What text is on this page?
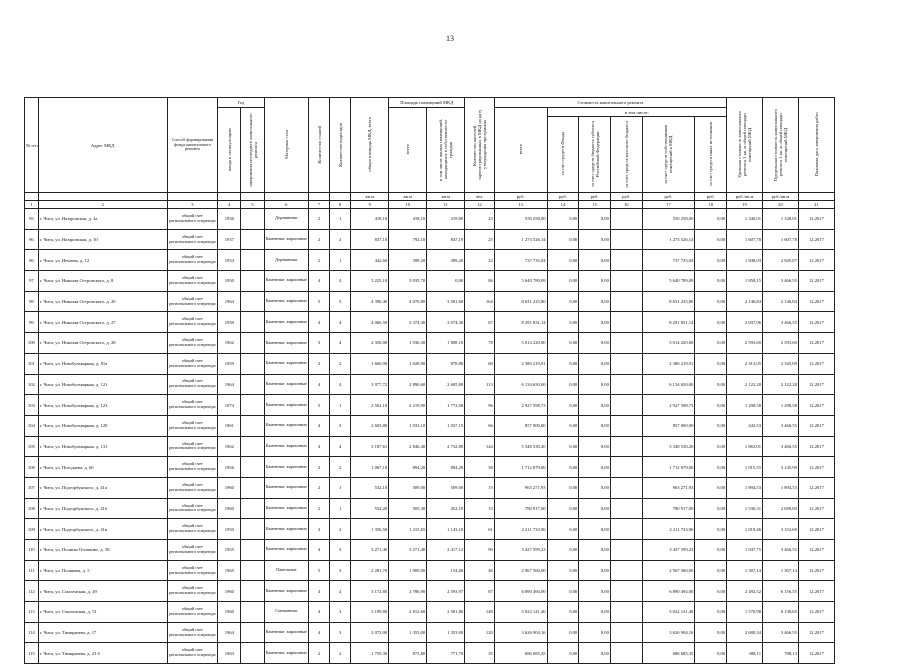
13
№ п/п	Адрес МКД	Способ формирования фонда капитального ремонта	Год		Материал стен	Количество этажей	Количество подъездов	общая площадь МКД, всего	Площадь помещений МКД		Количество жителей, зарегистрированных в МКД на дату утверждения программы	Стоимость капитального ремонта						Удельная стоимость капитального ремонта 1 кв. м общей площади помещений МКД	Предельная стоимость капитального ремонта 1 кв. м общей площади помещений МКД	Плановая дата завершения работ
			ввода в эксплуатацию	завершения последнего капитального ремонта					всего	в том числе жилых помещений, находящихся в собственности граждан		всего	в том числе:							
													за счет средств Фонда	за счет средств бюджета субъекта Российской Федерации	за счет средств местного бюджета	за счет средств собственников помещений в МКД	за счет средств иных источников			
								кв.м	кв.м	кв.м	чел.	руб.	руб.	руб.	руб.	руб.	руб.	руб./кв.м	руб./кв.м	
1	2	3	4	5	6	7	8	9	10	11	12	13	14	15	16	17	18	19	20	21
95	г. Чита, ул. Назаровская, д. 4а	общий счет регионального оператора	1936		Деревянные	2	1	418,10	418,10	219,80	23	550 258,00	0,00	0,00		550 258,00	0,00	1 340,01	1 340,01	12.2017
96	г. Чита, ул. Назаровская, д. 10	общий счет регионального оператора	1937		Каменные, кирпичные	2	2	837,10	792,10	847,10	25	1 273 526,14	0,00	0,00		1 273 526,14	0,00	1 607,78	1 607,78	12.2017
96	г. Чита, ул. Нечаева, д. 12	общий счет регионального оператора	1954		Деревянные	2	1	442,60	399,20	399,20	22	737 735,04	0,00	0,00		737 735,04	0,00	1 848,03	2 945,07	12.2017
97	г. Чита, ул. Николая Островского, д. 8	общий счет регионального оператора	1950		Каменные, кирпичные	4	4	5 225,10	3 035,70	0,00	86	5 640 789,09	0,00	0,00		5 640 789,09	0,00	1 858,15	3 466,55	12.2017
98	г. Чита, ул. Николая Островского, д. 20	общий счет регионального оператора	1964		Каменные, кирпичные	5	5	4 396,40	4 070,80	3 501,60	164	8 631 225,80	0,00	0,00		8 631 225,80	0,00	2 146,84	2 146,84	12.2017
99	г. Чита, ул. Николая Островского, д. 27	общий счет регионального оператора	1959		Каменные, кирпичные	4	4	4 066,50	3 374,30	3 074,30	67	8 291 831,14	0,00	0,00		8 291 831,14	0,00	2 037,96	3 466,55	12.2017
100	г. Чита, ул. Николая Островского, д. 28	общий счет регионального оператора	1962		Каменные, кирпичные	3	4	2 356,00	1 936,30	1 808,10	78	5 014 220,00	0,00	0,00		5 014 220,00	0,00	2 593,60	2 593,60	12.2017
101	г. Чита, ул. Новобульварная, д. 81а	общий счет регионального оператора	1959		Каменные, кирпичные	2	2	1 660,00	1 028,90	878,80	60	2 380 219,91	0,00	0,00		2 380 219,91	0,00	2 313,05	2 345,09	12.2017
102	г. Чита, ул. Новобульварная, д. 121	общий счет регионального оператора	1964		Каменные, кирпичные	4	4	3 977,72	2 890,60	2 605,80	113	6 134 650,00	0,00	0,00		6 134 650,00	0,00	2 122,28	2 122,28	12.2017
103	г. Чита, ул. Новобульварная, д. 123	общий счет регионального оператора	1974		Каменные, кирпичные	5	1	2 502,10	2 219,90	1 772,90	96	2 927 598,73	0,00	0,00		2 927 598,73	0,00	1 298,58	1 298,58	12.2017
104	г. Чита, ул. Новобульварная, д. 129	общий счет регионального оператора	1961		Каменные, кирпичные	4	3	2 603,80	1 033,10	1 037,15	66	857 000,00	0,00	0,00		857 000,00	0,00	443,53	3 466,55	12.2017
105	г. Чита, ул. Новобульварная, д. 131	общий счет регионального оператора	1962		Каменные, кирпичные	4	4	3 187,61	2 846,40	2 732,80	144	5 348 530,20	0,00	0,00		5 348 530,20	0,00	1 863,01	3 466,55	12.2017
106	г. Чита, ул. Погодаева, д. 60	общий счет регионального оператора	1956		Каменные, кирпичные	2	2	1 067,10	894,20	894,20	38	1 712 879,00	0,00	0,00		1 712 879,00	0,00	1 915,55	3 145,99	12.2017
107	г. Чита, ул. Подгорбунского, д. 41а	общий счет регионального оператора	1960		Каменные, кирпичные	2	1	532,10	509,00	509,00	15	963 271,93	0,00	0,00		963 271,93	0,00	1 894,53	1 894,53	12.2017
108	г. Чита, ул. Подгорбунского, д. 41б	общий счет регионального оператора	1960		Каменные, кирпичные	2	1	532,20	505,30	452,10	15	780 917,00	0,00	0,00		780 917,00	0,00	1 530,31	2 690,00	12.2017
109	г. Чита, ул. Подгорбунского, д. 41в	общий счет регионального оператора	1950		Каменные, кирпичные	3	2	1 356,50	1 215,65	1 143,10	61	2 211 733,96	0,00	0,00		2 211 733,96	0,00	1 819,46	3 152,60	12.2017
110	г. Чита, ул. Полины Осипенко, д. 38	общий счет регионального оператора	1955		Каменные, кирпичные	4	3	3 271,40	3 271,40	2 417,12	90	3 427 599,23	0,00	0,00		3 427 599,23	0,00	1 047,75	3 466,55	12.2017
111	г. Чита, ул. Полякова, д. 5	общий счет регионального оператора	1965		Панельные	5	3	2 281,70	1 909,00	154,60	46	2 967 560,00	0,00	0,00		2 967 560,00	0,00	1 307,14	1 307,14	12.2017
112	г. Чита, ул. Смоленская, д. 49	общий счет регионального оператора	1960		Каменные, кирпичные	4	4	3 172,80	2 786,90	2 593,97	87	6 890 494,00	0,00	0,00		6 890 494,00	0,00	2 492,52	6 156,55	12.2017
113	г. Чита, ул. Смоленская, д. 51	общий счет регионального оператора	1960		Смешанные	4	3	3 199,80	2 812,60	2 581,80	148	5 022 141,40	0,00	0,00		5 022 141,40	0,00	1 570,98	6 138,65	12.2017
114	г. Чита, ул. Тимирязева, д. 17	общий счет регионального оператора	1964		Каменные, кирпичные	4	3	2 073,00	1 353,00	1 353,00	120	3 626 904,16	0,00	0,00		3 626 904,16	0,00	2 680,34	3 466,55	12.2017
115	г. Чита, ул. Тимирязева, д. 23 б	общий счет регионального оператора	1963		Каменные, кирпичные	2	2	1 759,30	873,80	771,70	35	686 685,35	0,00	0,00		686 685,35	0,00	388,11	788,13	12.2017
